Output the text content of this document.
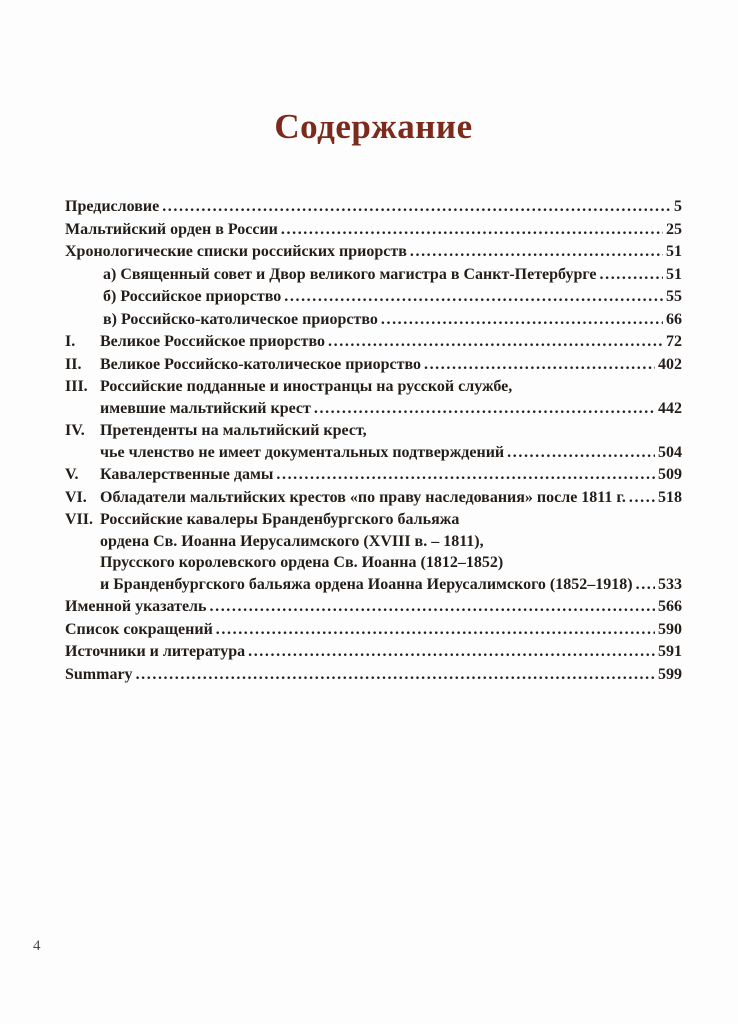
Содержание
Предисловие .....	5
Мальтийский орден в России .....	25
Хронологические списки российских приорств .....	51
а) Священный совет и Двор великого магистра в Санкт-Петербурге .....	51
б) Российское приорство .....	55
в) Российско-католическое приорство .....	66
I. Великое Российское приорство .....	72
II. Великое Российско-католическое приорство .....	402
III. Российские подданные и иностранцы на русской службе,
имевшие мальтийский крест .....	442
IV. Претенденты на мальтийский крест,
чье членство не имеет документальных подтверждений .....	504
V. Кавалерственные дамы .....	509
VI. Обладатели мальтийских крестов «по праву наследования» после 1811 г. ..... 518
VII. Российские кавалеры Бранденбургского бальяжа
ордена Св. Иоанна Иерусалимского (XVIII в. – 1811),
Прусского королевского ордена Св. Иоанна (1812–1852)
и Бранденбургского бальяжа ордена Иоанна Иерусалимского (1852–1918) ..... 533
Именной указатель .....	566
Список сокращений .....	590
Источники и литература .....	591
Summary .....	599
4
